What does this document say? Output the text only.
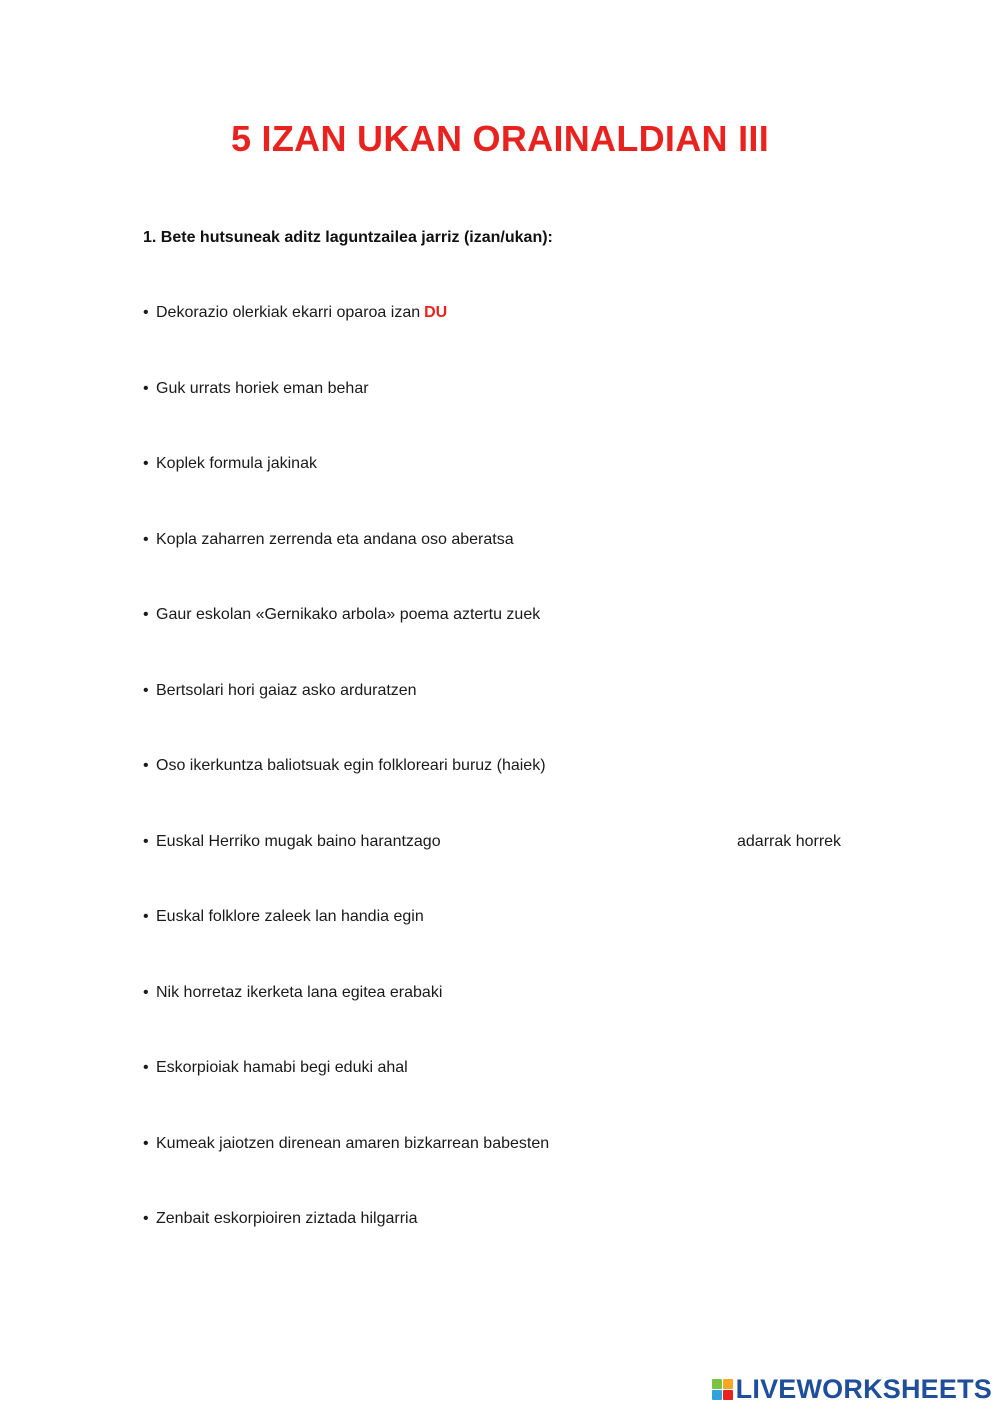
5 IZAN UKAN ORAINALDIAN III
1. Bete hutsuneak aditz laguntzailea jarriz (izan/ukan):
• Dekorazio olerkiak ekarri oparoa izan DU
• Guk urrats horiek eman behar
• Koplek formula jakinak
• Kopla zaharren zerrenda eta andana oso aberatsa
• Gaur eskolan «Gernikako arbola» poema aztertu zuek
• Bertsolari hori gaiaz asko arduratzen
• Oso ikerkuntza baliotsuak egin folkloreari buruz (haiek)
• Euskal Herriko mugak baino harantzago	adarrak horrek
• Euskal folklore zaleek lan handia egin
• Nik horretaz ikerketa lana egitea erabaki
• Eskorpioiak hamabi begi eduki ahal
• Kumeak jaiotzen direnean amaren bizkarrean babesten
• Zenbait eskorpioiren ziztada hilgarria
LIVEWORKSHEETS
